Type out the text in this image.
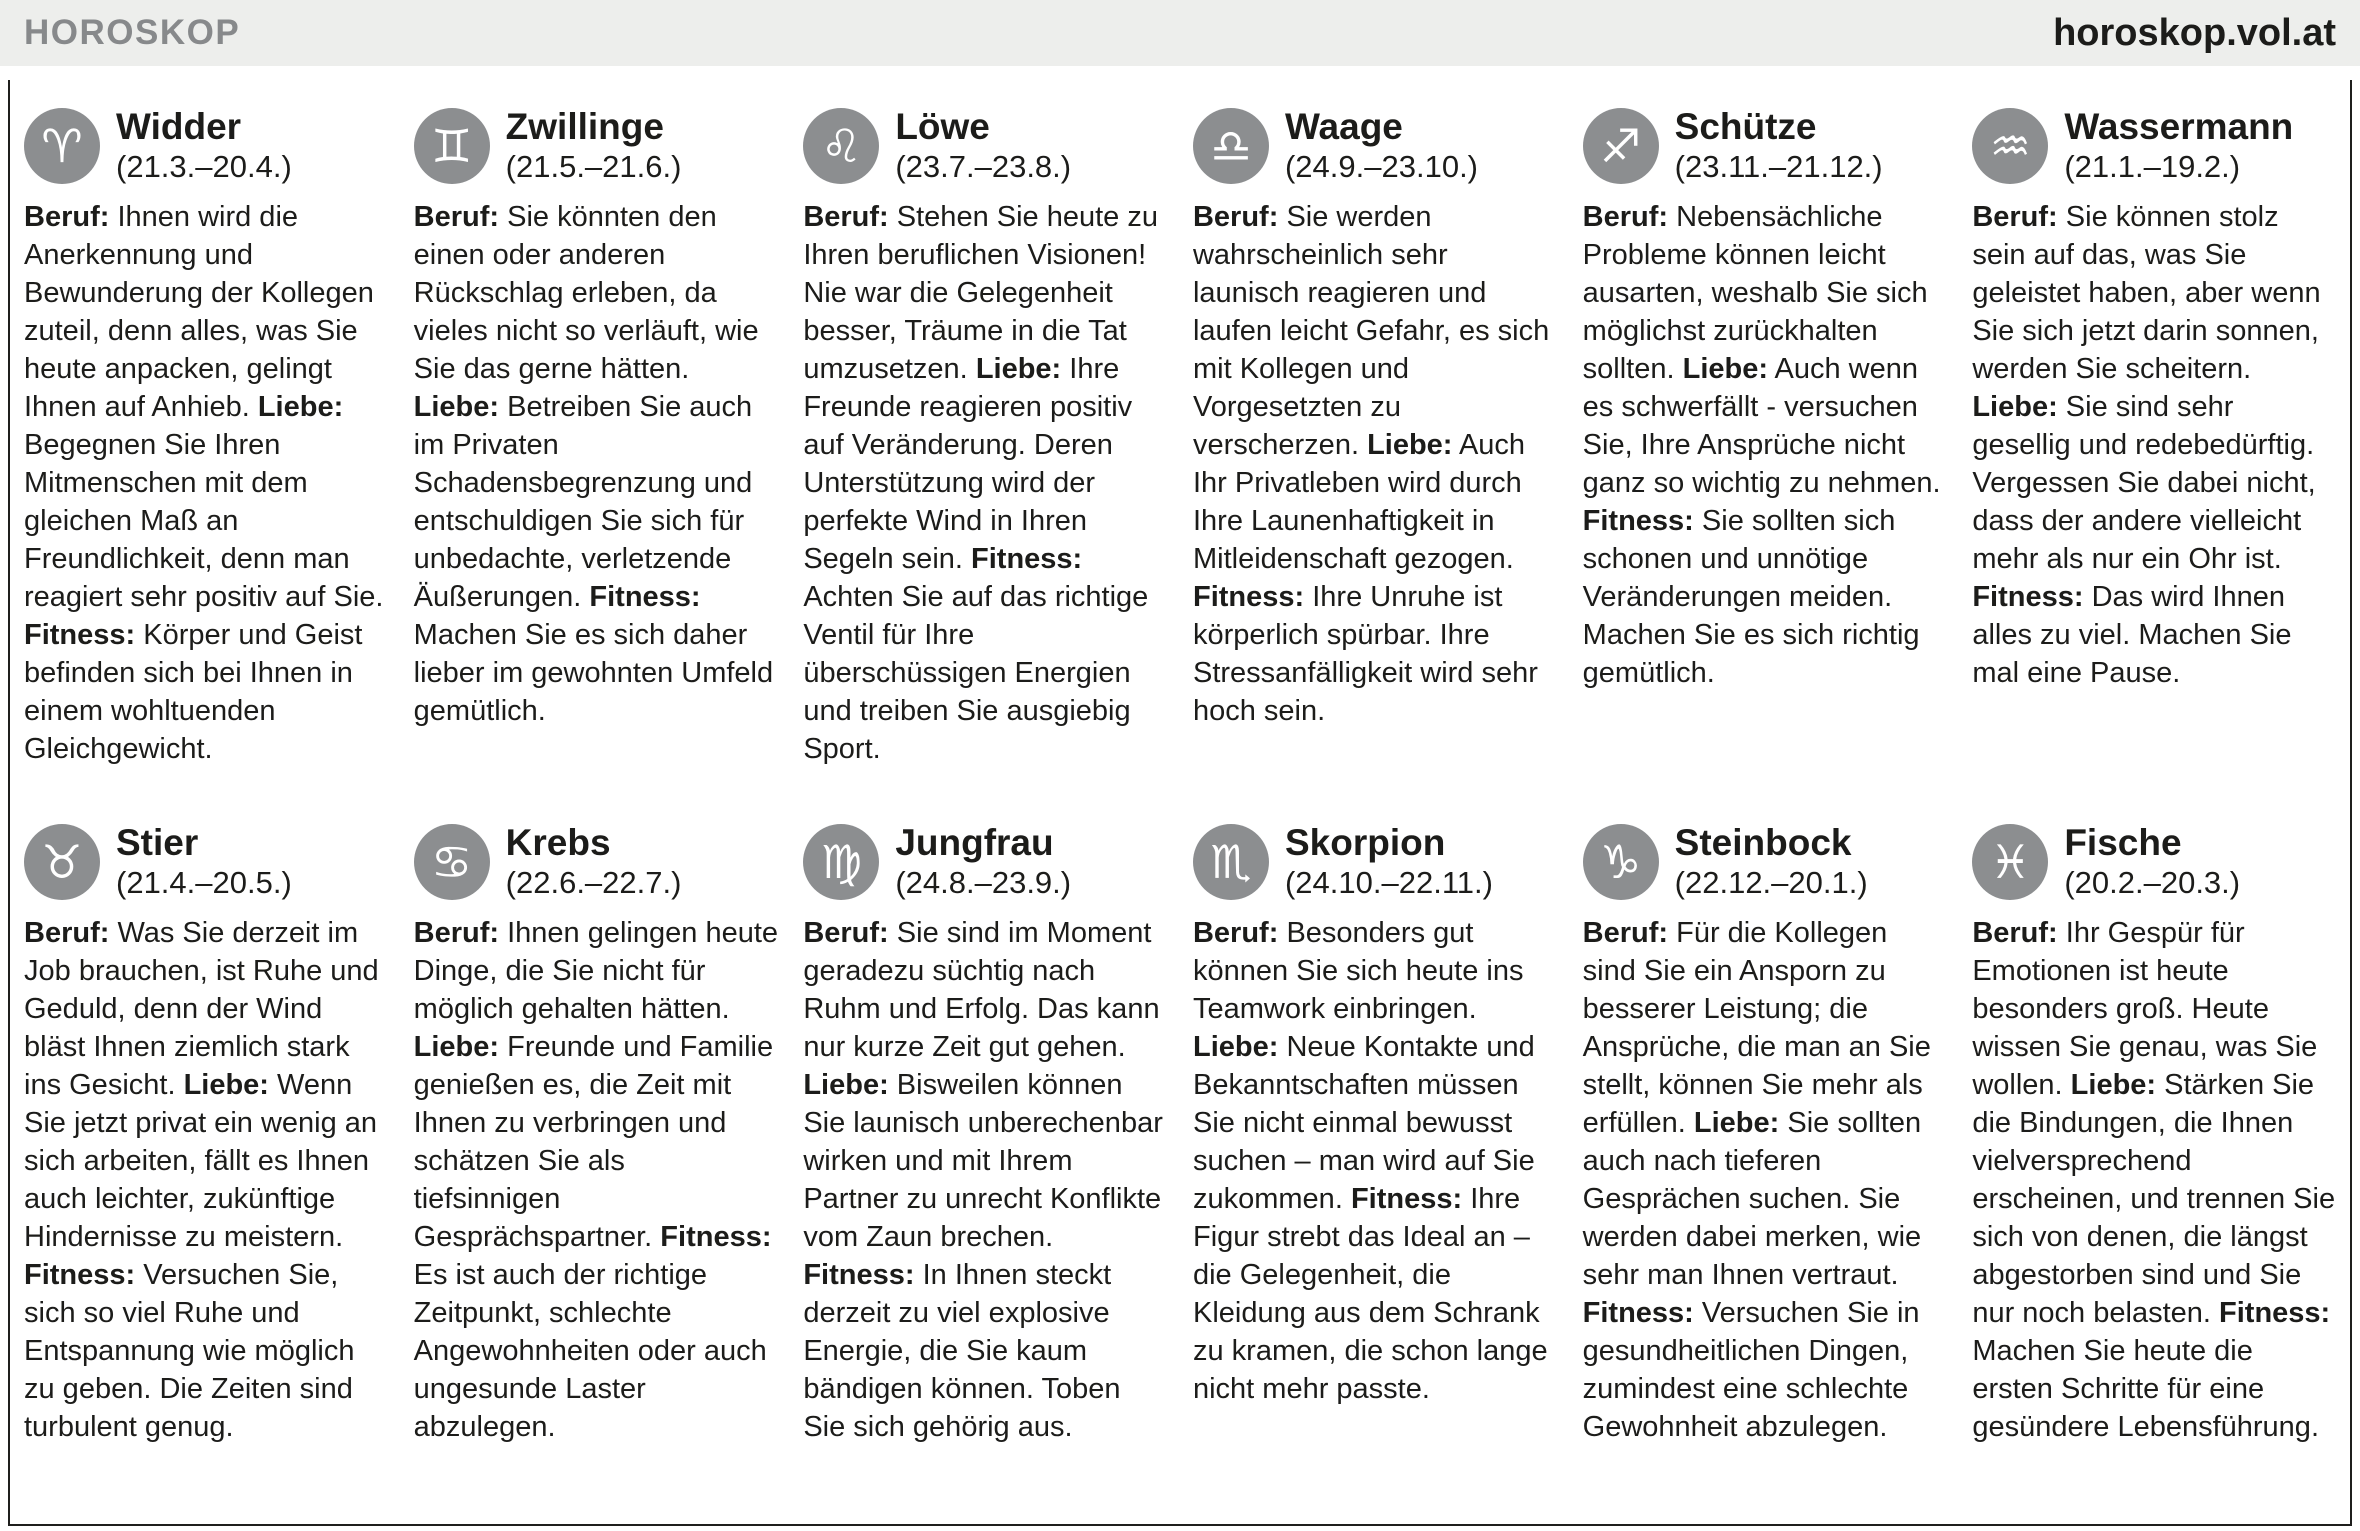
HOROSKOP	horoskop.vol.at
♈ Widder
(21.3.–20.4.)

Beruf: Ihnen wird die Anerkennung und Bewunderung der Kollegen zuteil, denn alles, was Sie heute anpacken, gelingt Ihnen auf Anhieb. Liebe: Begegnen Sie Ihren Mitmenschen mit dem gleichen Maß an Freundlichkeit, denn man reagiert sehr positiv auf Sie. Fitness: Körper und Geist befinden sich bei Ihnen in einem wohltuenden Gleichgewicht.

♊ Zwillinge
(21.5.–21.6.)

Beruf: Sie könnten den einen oder anderen Rückschlag erleben, da vieles nicht so verläuft, wie Sie das gerne hätten. Liebe: Betreiben Sie auch im Privaten Schadensbegrenzung und entschuldigen Sie sich für unbedachte, verletzende Äußerungen. Fitness: Machen Sie es sich daher lieber im gewohnten Umfeld gemütlich.

♌ Löwe
(23.7.–23.8.)

Beruf: Stehen Sie heute zu Ihren beruflichen Visionen! Nie war die Gelegenheit besser, Träume in die Tat umzusetzen. Liebe: Ihre Freunde reagieren positiv auf Veränderung. Deren Unterstützung wird der perfekte Wind in Ihren Segeln sein. Fitness: Achten Sie auf das richtige Ventil für Ihre überschüssigen Energien und treiben Sie ausgiebig Sport.

♎ Waage
(24.9.–23.10.)

Beruf: Sie werden wahrscheinlich sehr launisch reagieren und laufen leicht Gefahr, es sich mit Kollegen und Vorgesetzten zu verscherzen. Liebe: Auch Ihr Privatleben wird durch Ihre Launenhaftigkeit in Mitleidenschaft gezogen. Fitness: Ihre Unruhe ist körperlich spürbar. Ihre Stressanfälligkeit wird sehr hoch sein.

♐ Schütze
(23.11.–21.12.)

Beruf: Nebensächliche Probleme können leicht ausarten, weshalb Sie sich möglichst zurückhalten sollten. Liebe: Auch wenn es schwerfällt - versuchen Sie, Ihre Ansprüche nicht ganz so wichtig zu nehmen. Fitness: Sie sollten sich schonen und unnötige Veränderungen meiden. Machen Sie es sich richtig gemütlich.

♒ Wassermann
(21.1.–19.2.)

Beruf: Sie können stolz sein auf das, was Sie geleistet haben, aber wenn Sie sich jetzt darin sonnen, werden Sie scheitern. Liebe: Sie sind sehr gesellig und redebedürftig. Vergessen Sie dabei nicht, dass der andere vielleicht mehr als nur ein Ohr ist. Fitness: Das wird Ihnen alles zu viel. Machen Sie mal eine Pause.

♉ Stier
(21.4.–20.5.)

Beruf: Was Sie derzeit im Job brauchen, ist Ruhe und Geduld, denn der Wind bläst Ihnen ziemlich stark ins Gesicht. Liebe: Wenn Sie jetzt privat ein wenig an sich arbeiten, fällt es Ihnen auch leichter, zukünftige Hindernisse zu meistern. Fitness: Versuchen Sie, sich so viel Ruhe und Entspannung wie möglich zu geben. Die Zeiten sind turbulent genug.

♋ Krebs
(22.6.–22.7.)

Beruf: Ihnen gelingen heute Dinge, die Sie nicht für möglich gehalten hätten. Liebe: Freunde und Familie genießen es, die Zeit mit Ihnen zu verbringen und schätzen Sie als tiefsinnigen Gesprächspartner. Fitness: Es ist auch der richtige Zeitpunkt, schlechte Angewohnheiten oder auch ungesunde Laster abzulegen.

♍ Jungfrau
(24.8.–23.9.)

Beruf: Sie sind im Moment geradezu süchtig nach Ruhm und Erfolg. Das kann nur kurze Zeit gut gehen. Liebe: Bisweilen können Sie launisch unberechenbar wirken und mit Ihrem Partner zu unrecht Konflikte vom Zaun brechen. Fitness: In Ihnen steckt derzeit zu viel explosive Energie, die Sie kaum bändigen können. Toben Sie sich gehörig aus.

♏ Skorpion
(24.10.–22.11.)

Beruf: Besonders gut können Sie sich heute ins Teamwork einbringen. Liebe: Neue Kontakte und Bekanntschaften müssen Sie nicht einmal bewusst suchen – man wird auf Sie zukommen. Fitness: Ihre Figur strebt das Ideal an – die Gelegenheit, die Kleidung aus dem Schrank zu kramen, die schon lange nicht mehr passte.

♑ Steinbock
(22.12.–20.1.)

Beruf: Für die Kollegen sind Sie ein Ansporn zu besserer Leistung; die Ansprüche, die man an Sie stellt, können Sie mehr als erfüllen. Liebe: Sie sollten auch nach tieferen Gesprächen suchen. Sie werden dabei merken, wie sehr man Ihnen vertraut. Fitness: Versuchen Sie in gesundheitlichen Dingen, zumindest eine schlechte Gewohnheit abzulegen.

♓ Fische
(20.2.–20.3.)

Beruf: Ihr Gespür für Emotionen ist heute besonders groß. Heute wissen Sie genau, was Sie wollen. Liebe: Stärken Sie die Bindungen, die Ihnen vielversprechend erscheinen, und trennen Sie sich von denen, die längst abgestorben sind und Sie nur noch belasten. Fitness: Machen Sie heute die ersten Schritte für eine gesündere Lebensführung.
